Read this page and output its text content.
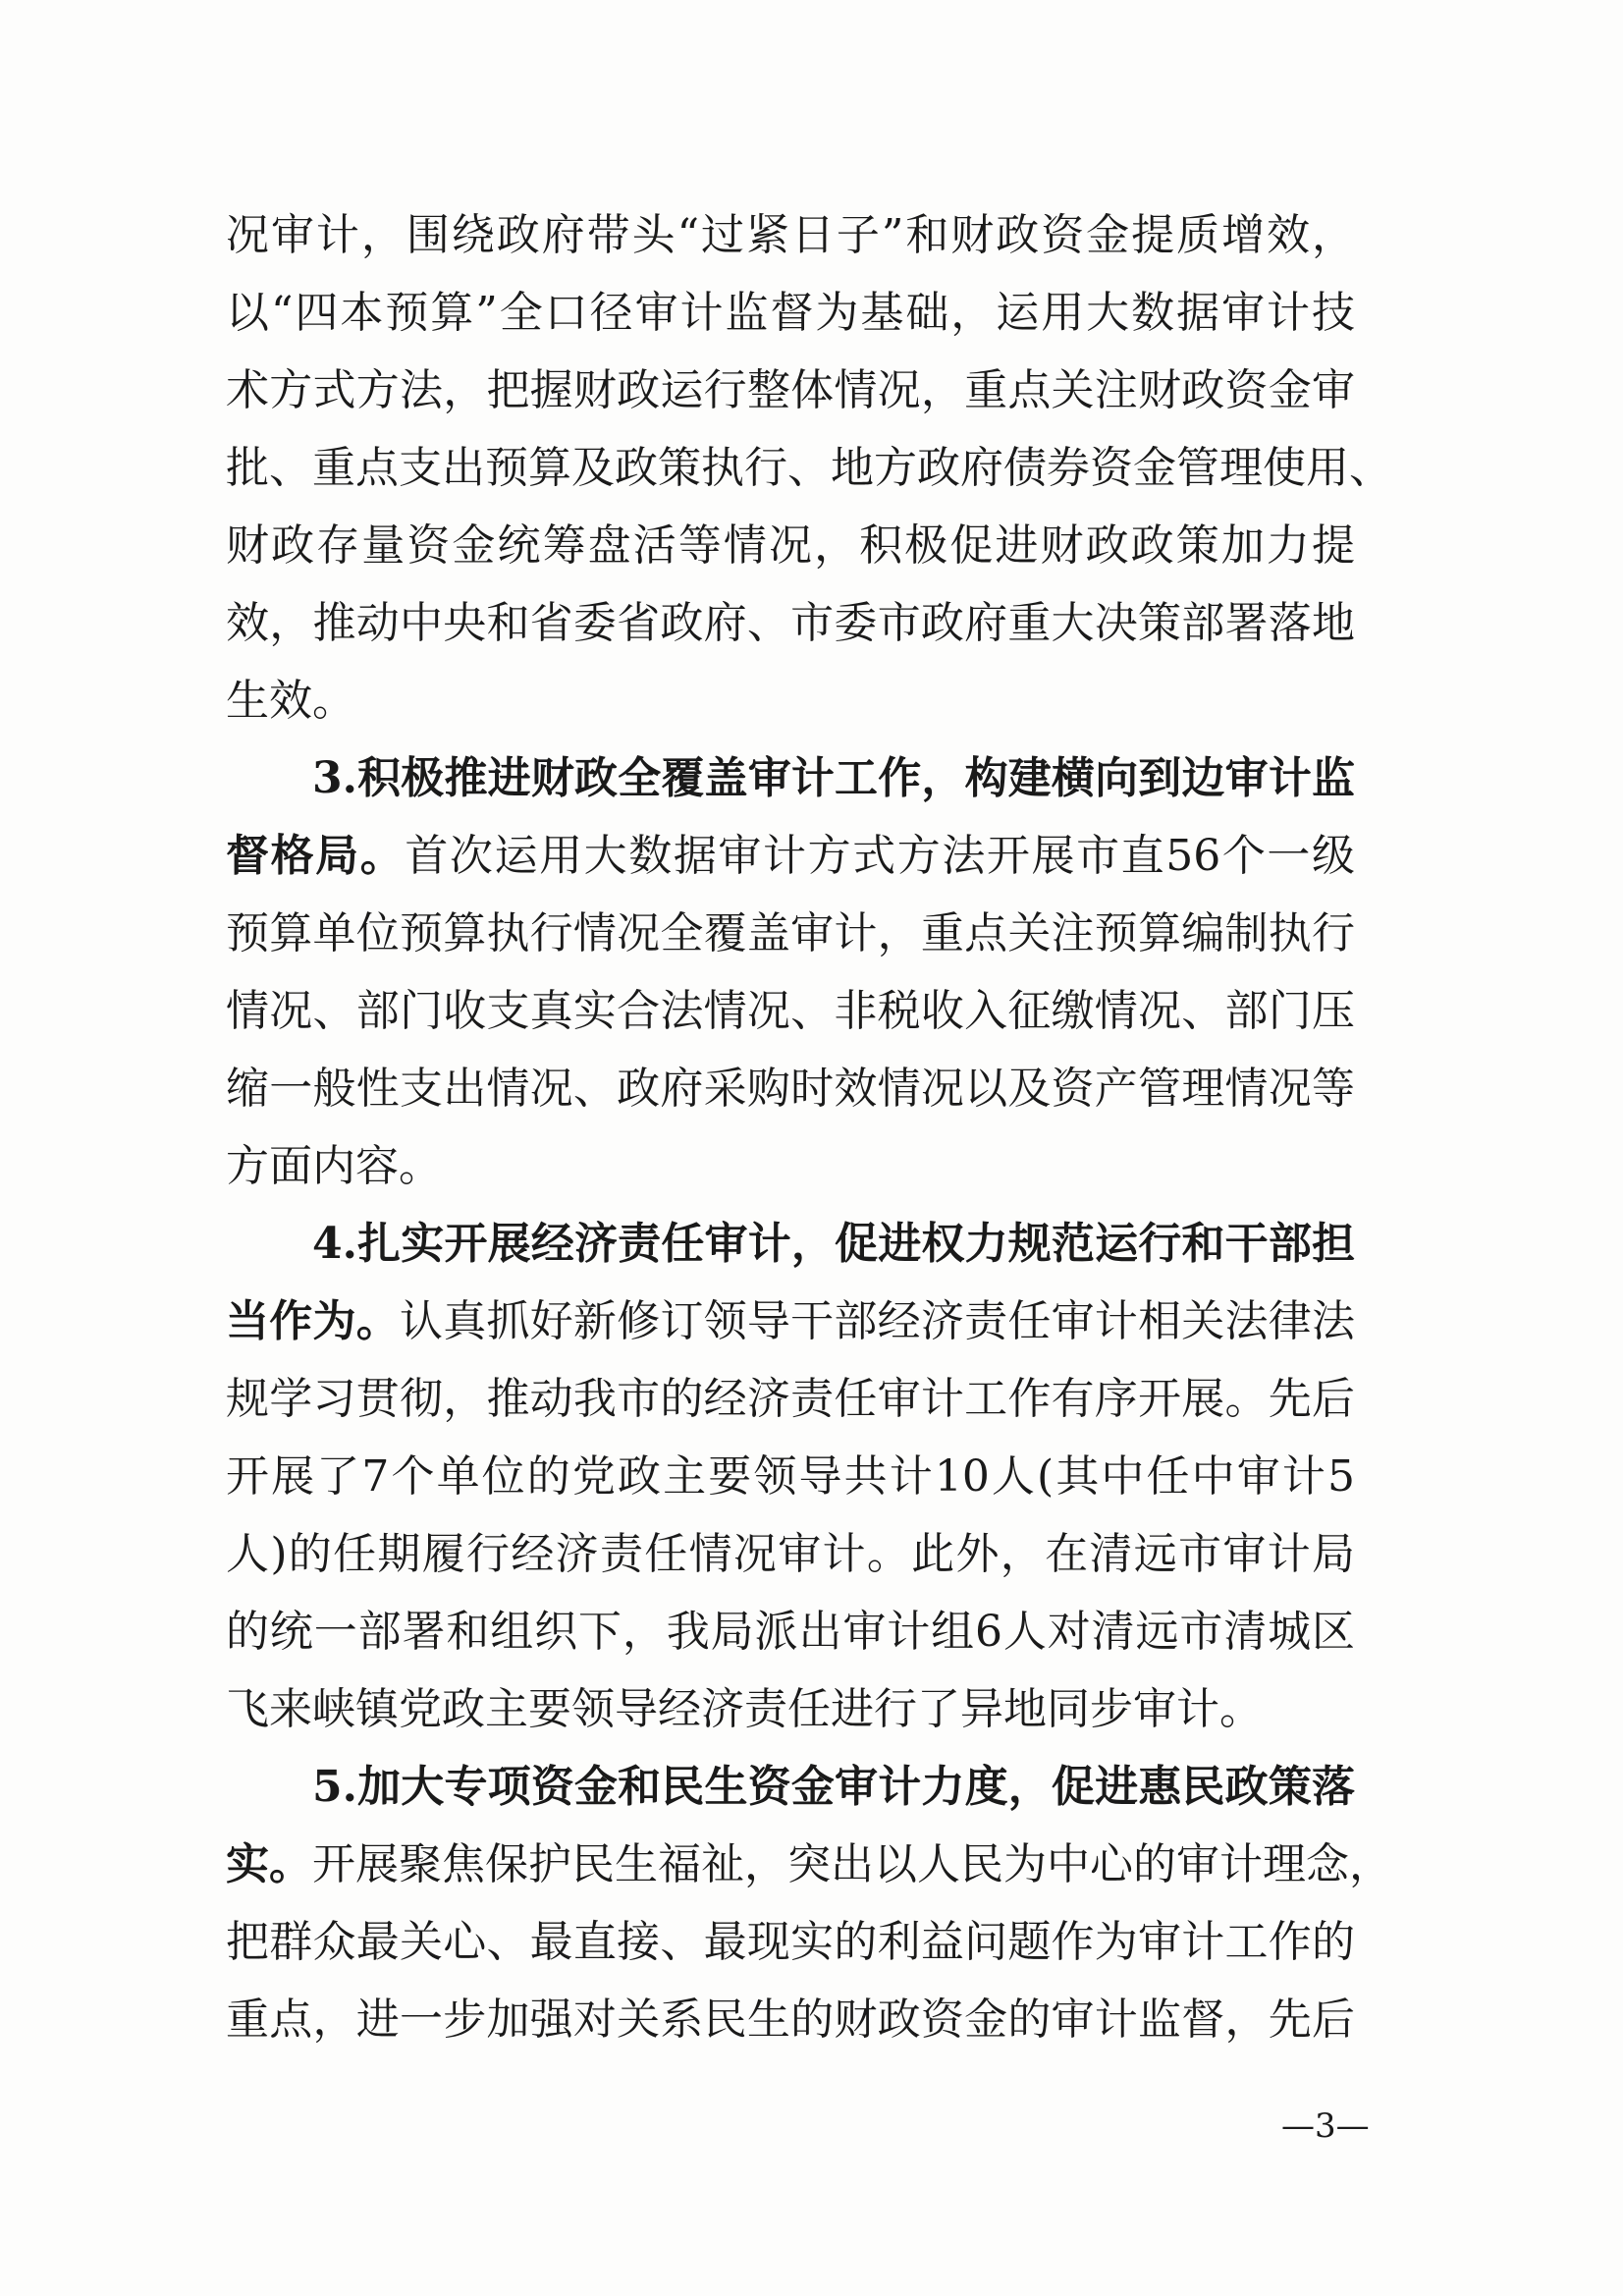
况审计，围绕政府带头“过紧日子”和财政资金提质增效，
以“四本预算”全口径审计监督为基础，运用大数据审计技
术方式方法，把握财政运行整体情况，重点关注财政资金审
批、重点支出预算及政策执行、地方政府债券资金管理使用、
财政存量资金统筹盘活等情况，积极促进财政政策加力提
效，推动中央和省委省政府、市委市政府重大决策部署落地
生效。
3.积极推进财政全覆盖审计工作，构建横向到边审计监
督格局。首次运用大数据审计方式方法开展市直56个一级
预算单位预算执行情况全覆盖审计，重点关注预算编制执行
情况、部门收支真实合法情况、非税收入征缴情况、部门压
缩一般性支出情况、政府采购时效情况以及资产管理情况等
方面内容。
4.扎实开展经济责任审计，促进权力规范运行和干部担
当作为。认真抓好新修订领导干部经济责任审计相关法律法
规学习贯彻，推动我市的经济责任审计工作有序开展。先后
开展了7个单位的党政主要领导共计10人(其中任中审计5
人)的任期履行经济责任情况审计。此外，在清远市审计局
的统一部署和组织下，我局派出审计组6人对清远市清城区
飞来峡镇党政主要领导经济责任进行了异地同步审计。
5.加大专项资金和民生资金审计力度，促进惠民政策落
实。开展聚焦保护民生福祉，突出以人民为中心的审计理念，
把群众最关心、最直接、最现实的利益问题作为审计工作的
重点，进一步加强对关系民生的财政资金的审计监督，先后
—3—
